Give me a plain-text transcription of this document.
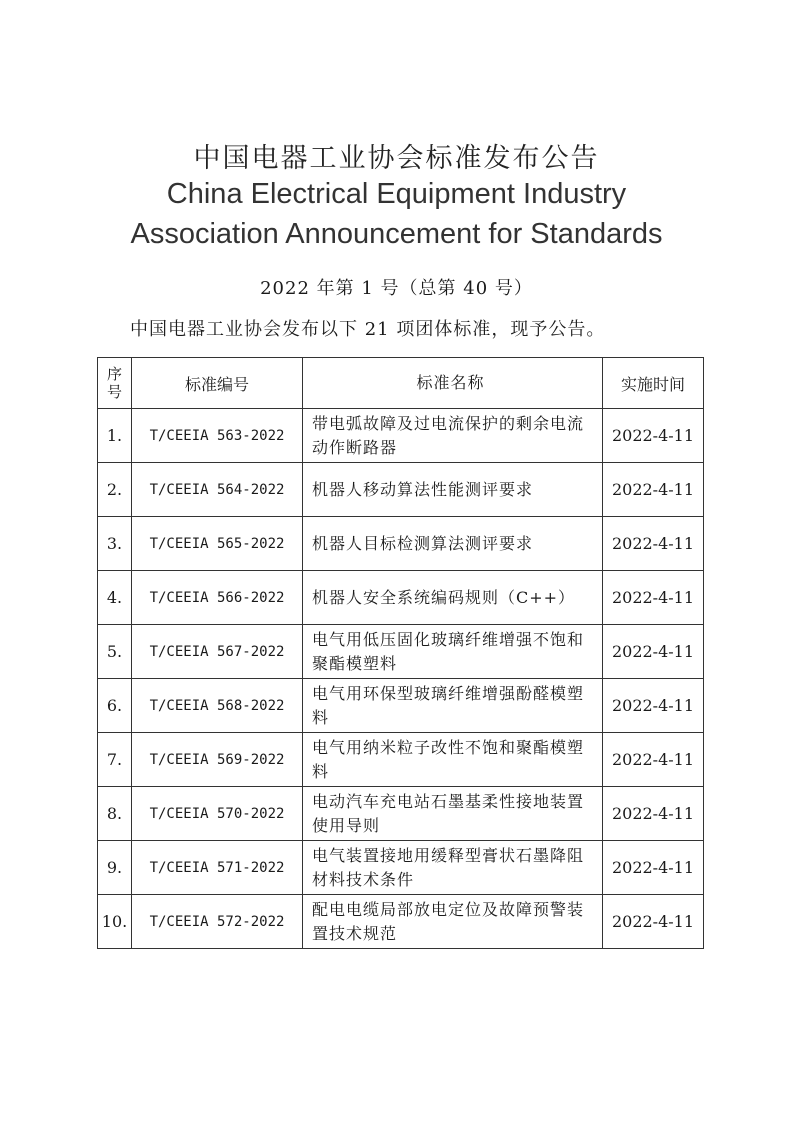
中国电器工业协会标准发布公告
China Electrical Equipment Industry
Association Announcement for Standards
2022 年第 1 号（总第 40 号）
中国电器工业协会发布以下 21 项团体标准，现予公告。
序
号	标准编号	标准名称	实施时间
1.	T/CEEIA 563-2022	带电弧故障及过电流保护的剩余电流动作断路器	2022-4-11
2.	T/CEEIA 564-2022	机器人移动算法性能测评要求	2022-4-11
3.	T/CEEIA 565-2022	机器人目标检测算法测评要求	2022-4-11
4.	T/CEEIA 566-2022	机器人安全系统编码规则（C++）	2022-4-11
5.	T/CEEIA 567-2022	电气用低压固化玻璃纤维增强不饱和聚酯模塑料	2022-4-11
6.	T/CEEIA 568-2022	电气用环保型玻璃纤维增强酚醛模塑料	2022-4-11
7.	T/CEEIA 569-2022	电气用纳米粒子改性不饱和聚酯模塑料	2022-4-11
8.	T/CEEIA 570-2022	电动汽车充电站石墨基柔性接地装置使用导则	2022-4-11
9.	T/CEEIA 571-2022	电气装置接地用缓释型膏状石墨降阻材料技术条件	2022-4-11
10.	T/CEEIA 572-2022	配电电缆局部放电定位及故障预警装置技术规范	2022-4-11
